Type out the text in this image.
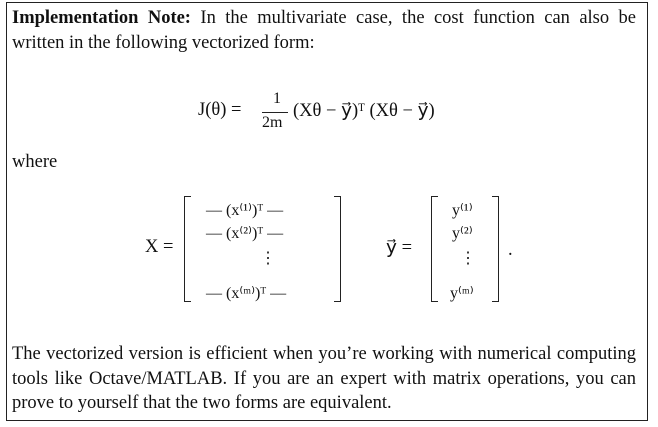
Implementation Note: In the multivariate case, the cost function can also be written in the following vectorized form:
J(θ) =
1
2m
(Xθ − y⃗)ᵀ (Xθ − y⃗)
where
X =
— (x⁽¹⁾)ᵀ —
— (x⁽²⁾)ᵀ —
⋮
— (x⁽ᵐ⁾)ᵀ —
y⃗ =
y⁽¹⁾
y⁽²⁾
⋮
y⁽ᵐ⁾
.
The vectorized version is efficient when you’re working with numerical computing tools like Octave/MATLAB. If you are an expert with matrix operations, you can prove to yourself that the two forms are equivalent.
